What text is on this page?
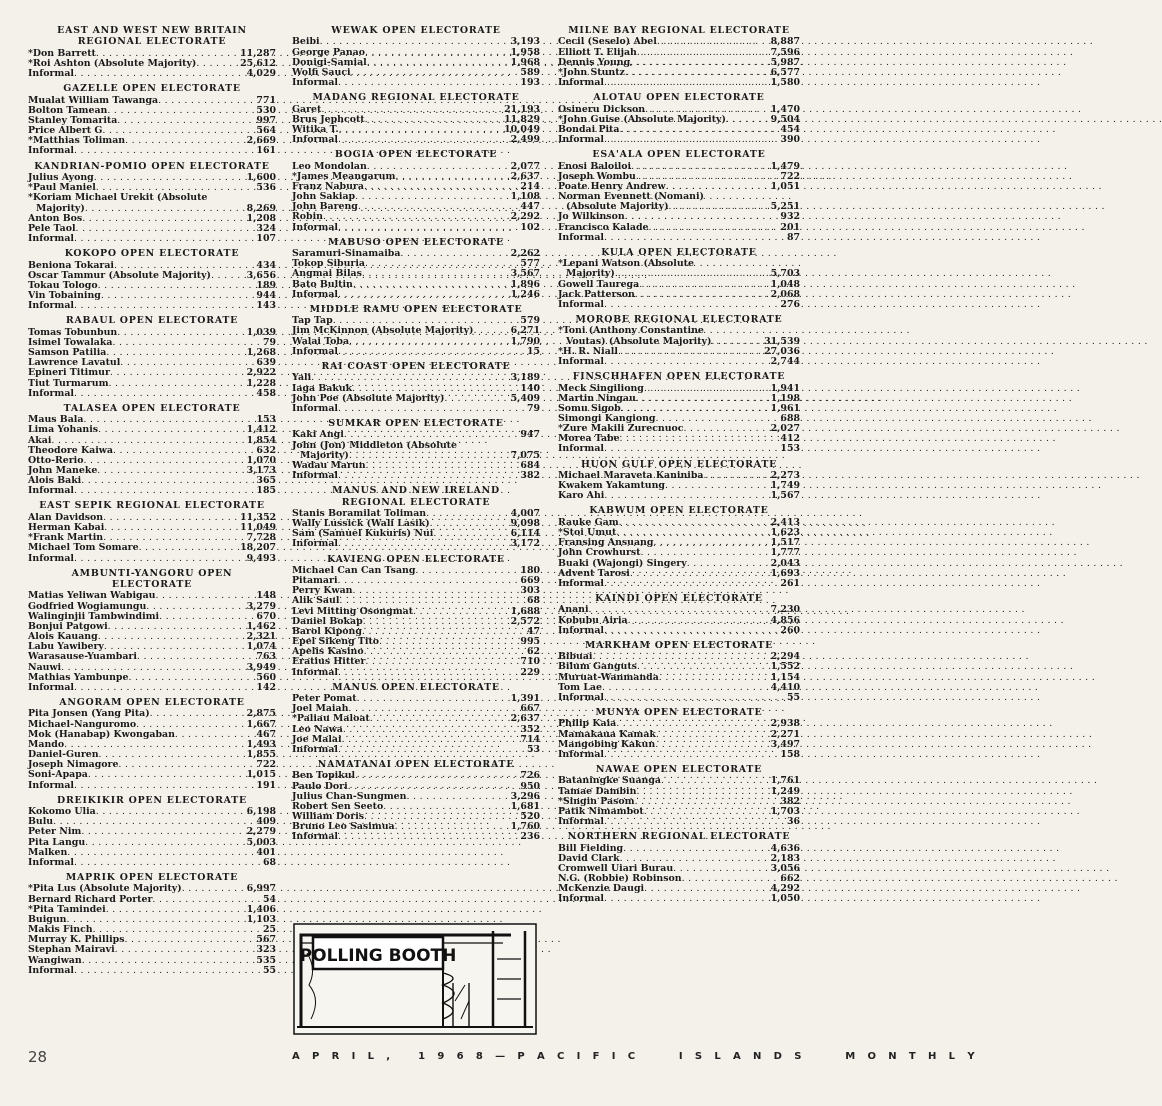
EAST AND WEST NEW BRITAIN
REGIONAL ELECTORATE
*Don Barrett . . .	11,287
*Roi Ashton (Absolute Majority) . . .	25,612
Informal . . .	4,029
GAZELLE OPEN ELECTORATE
Mualat William Tawanga . . .	771
Bolton Tamean . . .	530
Stanley Tomarita . . .	997
Price Albert G . . .	564
*Matthias Toliman . . .	2,669
Informal . . .	161
KANDRIAN-POMIO OPEN ELECTORATE
Julius Ayong . . .	1,600
*Paul Maniel . . .	536
*Koriam Michael Urekit (Absolute
Majority) . . .	8,269
Anton Bos . . .	1,208
Pele Taol . . .	324
Informal . . .	107
KOKOPO OPEN ELECTORATE
Beniona Tokarai . . .	434
Oscar Tammur (Absolute Majority) . . .	3,656
Tokau Tologo . . .	189
Vin Tobaining . . .	944
Informal . . .	143
RABAUL OPEN ELECTORATE
Tomas Tobunbun . . .	1,039
Isimel Towalaka . . .	79
Samson Patilia . . .	1,268
Lawrence Lavatul . . .	639
Epineri Titimur . . .	2,922
Tiut Turmarum . . .	1,228
Informal . . .	458
TALASEA OPEN ELECTORATE
Maus Bala . . .	153
Lima Yohanis . . .	1,412
Akai . . .	1,854
Theodore Kaiwa . . .	632
Otto-Rerio . . .	1,070
John Maneke . . .	3,173
Alois Baki . . .	365
Informal . . .	185
EAST SEPIK REGIONAL ELECTORATE
Alan Davidson . . .	11,352
Herman Kabai . . .	11,049
*Frank Martin . . .	7,728
Michael Tom Somare . . .	18,207
Informal . . .	9,493
AMBUNTI-YANGORU OPEN
ELECTORATE
Matias Yeliwan Wabigau . . .	148
Godfried Wogiamungu . . .	3,279
Walinginjii Tambwindimi . . .	670
Bonjui Patgowi . . .	1,462
Alois Kauang . . .	2,321
Labu Yawibery . . .	1,074
Warasause-Yuambari . . .	763
Nauwi . . .	3,949
Mathias Yambunpe . . .	560
Informal . . .	142
ANGORAM OPEN ELECTORATE
Pita Jonsen (Yang Pita) . . .	2,875
Michael-Nanguromo . . .	1,667
Mok (Hanabap) Kwongaban . . .	467
Mando . . .	1,493
Daniel-Guren . . .	1,855
Joseph Nimagore . . .	722
Soni-Apapa . . .	1,015
Informal . . .	191
DREIKIKIR OPEN ELECTORATE
Kokomo Ulia . . .	6,198
Bulu . . .	409
Peter Nim . . .	2,279
Pita Langu . . .	5,003
Malken . . .	401
Informal . . .	68
MAPRIK OPEN ELECTORATE
*Pita Lus (Absolute Majority) . . .	6,997
Bernard Richard Porter . . .	54
*Pita Tamindei . . .	1,406
Buigun . . .	1,103
Makis Finch . . .	25
Murray K. Phillips . . .	567
Stephan Mairavi . . .	323
Wangiwan . . .	535
Informal . . .	55
WEWAK OPEN ELECTORATE
Beibi . . .	3,193
George Panao . . .	1,958
Donigi-Samial . . .	1,968
Wolfi Sauci . . .	589
Informal . . .	193
MADANG REGIONAL ELECTORATE
Garet . . .	21,193
Brus Jephcott . . .	11,829
Witika T. . . .	10,049
Informal . . .	2,499
BOGIA OPEN ELECTORATE
Leo Mondolan . . .	2,077
*James Meangarum . . .	2,637
Franz Nabura . . .	214
John Sakiap . . .	1,108
John Bareng . . .	447
Robin . . .	2,292
Informal . . .	102
MABUSO OPEN ELECTORATE
Saramuri-Sinamaiba . . .	2,262
Tokop Siburia . . .	577
Angmai Bilas . . .	3,567
Bato Bultin . . .	1,896
Informal . . .	1,246
MIDDLE RAMU OPEN ELECTORATE
Tap Tap . . .	579
Jim McKinnon (Absolute Majority) . . .	6,271
Walai Toba . . .	1,790
Informal . . .	15
RAI COAST OPEN ELECTORATE
Yali . . .	3,189
Iaga Bakuk . . .	140
John Poe (Absolute Majority) . . .	5,409
Informal . . .	79
SUMKAR OPEN ELECTORATE
Kaki Angi . . .	947
John (Jon) Middleton (Absolute
Majority) . . .	7,075
Wadau Marun . . .	684
Informal . . .	382
MANUS AND NEW IRELAND
REGIONAL ELECTORATE
Stanis Boramilat Toliman . . .	4,007
Wally Lussick (Wali Lasik) . . .	9,098
Sam (Samuel Kukuris) Nui . . .	6,114
Informal . . .	3,172
KAVIENG OPEN ELECTORATE
Michael Can Can Tsang . . .	180
Pitamari . . .	669
Perry Kwan . . .	303
Alik Saul . . .	68
Levi Mitting Osongmat . . .	1,688
Daniel Bokap . . .	2,572
Barol Kipong . . .	47
Epel Sikeng Tito . . .	995
Apelis Kasino . . .	62
Eratius Hitter . . .	710
Informal . . .	229
MANUS OPEN ELECTORATE
Peter Pomat . . .	1,391
Joel Maiah . . .	667
*Paliau Maloat . . .	2,637
Leo Nawa . . .	352
Joe Malai . . .	714
Informal . . .	53
NAMATANAI OPEN ELECTORATE
Ben Topikul . . .	726
Paulo Dori . . .	950
Julius Chan-Sungmen . . .	3,296
Robert Sen Seeto . . .	1,681
William Doris . . .	520
Bruno Leo Sasimua . . .	1,760
Informal . . .	236
MILNE BAY REGIONAL ELECTORATE
Cecil (Seselo) Abel . . .	8,887
Elliott T. Elijah . . .	7,596
Dennis Young . . .	5,987
*John Stuntz . . .	6,577
Informal . . .	1,580
ALOTAU OPEN ELECTORATE
Osineru Dickson . . .	1,470
*John Guise (Absolute Majority) . . .	9,504
Bondai Pita . . .	454
Informal . . .	390
ESA'ALA OPEN ELECTORATE
Enosi Baloiloi . . .	1,479
Joseph Wombu . . .	722
Poate Henry Andrew . . .	1,051
Norman Evennett (Nomani)
(Absolute Majority) . . .	5,251
Jo Wilkinson . . .	932
Francisco Kalade . . .	201
Informal . . .	87
KULA OPEN ELECTORATE
*Lepani Watson (Absolute
Majority) . . .	5,703
Gowell Taurega . . .	1,048
Jack Patterson . . .	2,068
Informal . . .	276
MOROBE REGIONAL ELECTORATE
*Toni (Anthony Constantine
Voutas) (Absolute Majority) . . .	31,539
*H. R. Niall . . .	27,036
Informal . . .	2,744
FINSCHHAFEN OPEN ELECTORATE
Meck Singiliong . . .	1,941
Martin Ningau . . .	1,198
Somu Sigob . . .	1,961
Simongi Kangiong . . .	688
*Zure Makili Zurecnuoc . . .	2,027
Morea Tabe . . .	412
Informal . . .	153
HUON GULF OPEN ELECTORATE
Michael Maraveta Kaniniba . . .	2,273
Kwakem Yakamtung . . .	1,749
Karo Ahi . . .	1,567
KABWUM OPEN ELECTORATE
Rauke Gam . . .	2,413
*Stoi Umut . . .	1,623
Fransing Ansuang . . .	1,517
John Crowhurst . . .	1,777
Buaki (Wajongi) Singery . . .	2,043
Advent Tarosi . . .	1,693
Informal . . .	261
KAINDI OPEN ELECTORATE
Anani . . .	7,230
Kobubu Airia . . .	4,856
Informal . . .	260
MARKHAM OPEN ELECTORATE
Bibuai . . .	2,294
Bilum Ganguts . . .	1,552
Muruat-Wanmanda . . .	1,154
Tom Lae . . .	4,410
Informal . . .	55
MUNYA OPEN ELECTORATE
Philip Kaia . . .	2,938
Mamakaua Kamak . . .	2,271
Mangobing Kakun . . .	3,497
Informal . . .	158
NAWAE OPEN ELECTORATE
Bataningke Suanga . . .	1,761
Tamae Dambin . . .	1,249
*Singin Pasom . . .	382
Patik Nimambot . . .	1,703
Informal . . .	36
NORTHERN REGIONAL ELECTORATE
Bill Fielding . . .	4,636
David Clark . . .	2,183
Cromwell Uiari Burau . . .	3,056
N.G. (Robbie) Robinson . . .	662
McKenzie Daugi . . .	4,292
Informal . . .	1,050
POLLING BOOTH
28	A P R I L ,   1 9 6 8 — P A C I F I C     I S L A N D S     M O N T H L Y
